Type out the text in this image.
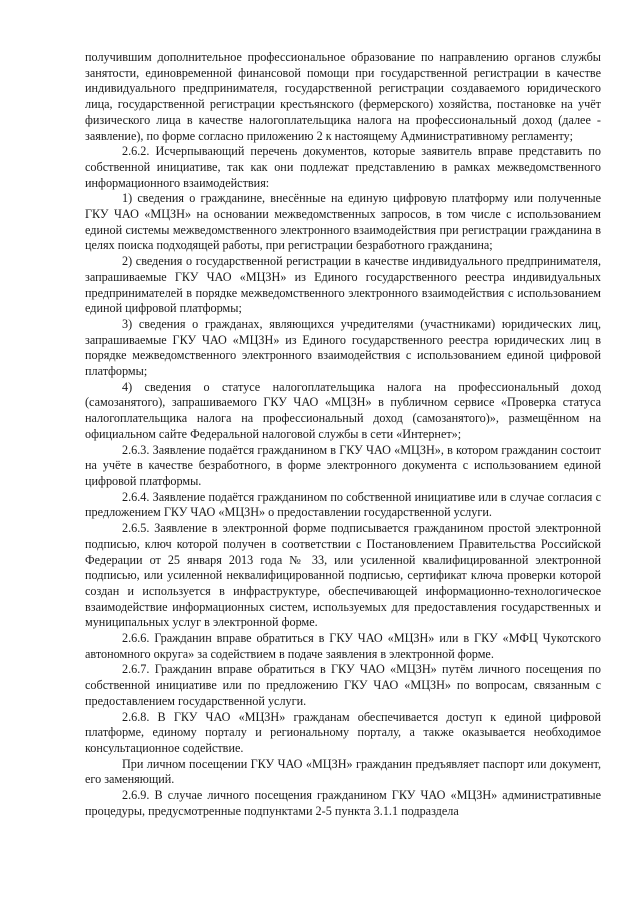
получившим дополнительное профессиональное образование по направлению органов службы занятости, единовременной финансовой помощи при государственной регистрации в качестве индивидуального предпринимателя, государственной регистрации создаваемого юридического лица, государственной регистрации крестьянского (фермерского) хозяйства, постановке на учёт физического лица в качестве налогоплательщика налога на профессиональный доход (далее - заявление), по форме согласно приложению 2 к настоящему Административному регламенту;

2.6.2. Исчерпывающий перечень документов, которые заявитель вправе представить по собственной инициативе, так как они подлежат представлению в рамках межведомственного информационного взаимодействия:

1) сведения о гражданине, внесённые на единую цифровую платформу или полученные ГКУ ЧАО «МЦЗН» на основании межведомственных запросов, в том числе с использованием единой системы межведомственного электронного взаимодействия при регистрации гражданина в целях поиска подходящей работы, при регистрации безработного гражданина;

2) сведения о государственной регистрации в качестве индивидуального предпринимателя, запрашиваемые ГКУ ЧАО «МЦЗН» из Единого государственного реестра индивидуальных предпринимателей в порядке межведомственного электронного взаимодействия с использованием единой цифровой платформы;

3) сведения о гражданах, являющихся учредителями (участниками) юридических лиц, запрашиваемые ГКУ ЧАО «МЦЗН» из Единого государственного реестра юридических лиц в порядке межведомственного электронного взаимодействия с использованием единой цифровой платформы;

4) сведения о статусе налогоплательщика налога на профессиональный доход (самозанятого), запрашиваемого ГКУ ЧАО «МЦЗН» в публичном сервисе «Проверка статуса налогоплательщика налога на профессиональный доход (самозанятого)», размещённом на официальном сайте Федеральной налоговой службы в сети «Интернет»;

2.6.3. Заявление подаётся гражданином в ГКУ ЧАО «МЦЗН», в котором гражданин состоит на учёте в качестве безработного, в форме электронного документа с использованием единой цифровой платформы.

2.6.4. Заявление подаётся гражданином по собственной инициативе или в случае согласия с предложением ГКУ ЧАО «МЦЗН» о предоставлении государственной услуги.

2.6.5. Заявление в электронной форме подписывается гражданином простой электронной подписью, ключ которой получен в соответствии с Постановлением Правительства Российской Федерации от 25 января 2013 года № 33, или усиленной квалифицированной электронной подписью, или усиленной неквалифицированной подписью, сертификат ключа проверки которой создан и используется в инфраструктуре, обеспечивающей информационно-технологическое взаимодействие информационных систем, используемых для предоставления государственных и муниципальных услуг в электронной форме.

2.6.6. Гражданин вправе обратиться в ГКУ ЧАО «МЦЗН» или в ГКУ «МФЦ Чукотского автономного округа» за содействием в подаче заявления в электронной форме.

2.6.7. Гражданин вправе обратиться в ГКУ ЧАО «МЦЗН» путём личного посещения по собственной инициативе или по предложению ГКУ ЧАО «МЦЗН» по вопросам, связанным с предоставлением государственной услуги.

2.6.8. В ГКУ ЧАО «МЦЗН» гражданам обеспечивается доступ к единой цифровой платформе, единому порталу и региональному порталу, а также оказывается необходимое консультационное содействие.

При личном посещении ГКУ ЧАО «МЦЗН» гражданин предъявляет паспорт или документ, его заменяющий.

2.6.9. В случае личного посещения гражданином ГКУ ЧАО «МЦЗН» административные процедуры, предусмотренные подпунктами 2-5 пункта 3.1.1 подраздела
